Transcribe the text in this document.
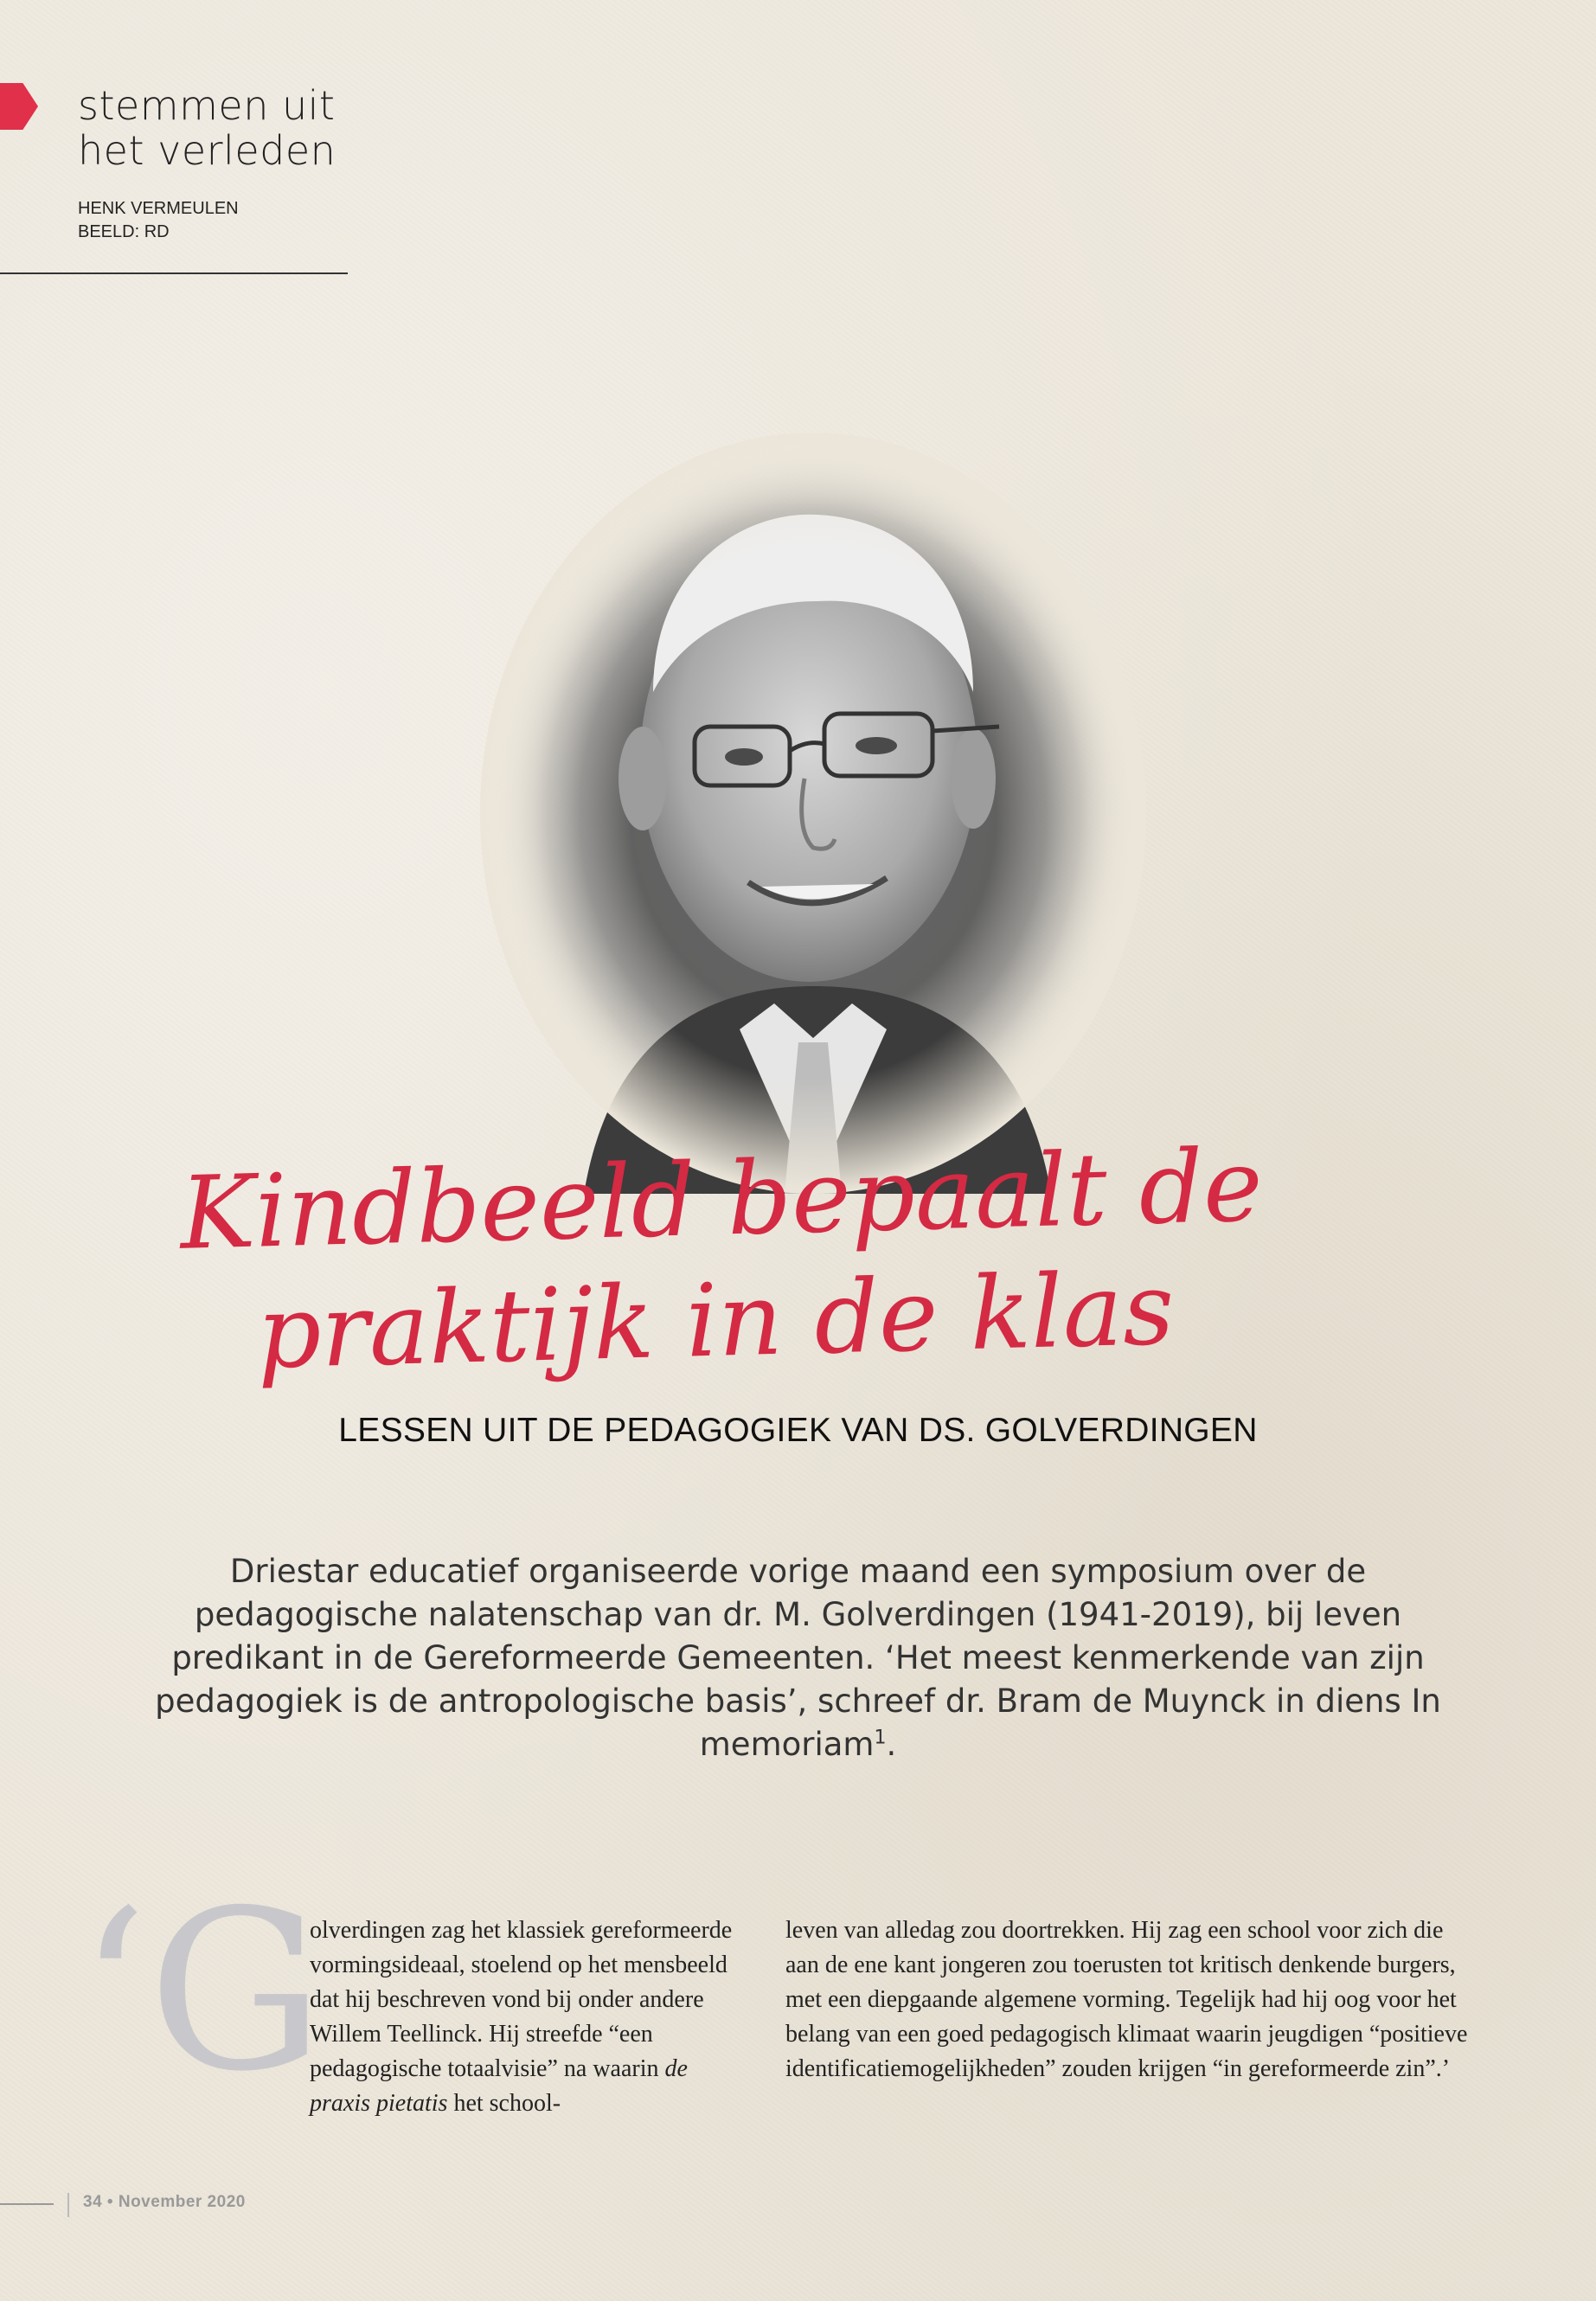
stemmen uit
het verleden
HENK VERMEULEN
BEELD: RD
Kindbeeld bepaalt de
praktijk in de klas
LESSEN UIT DE PEDAGOGIEK VAN DS. GOLVERDINGEN
Driestar educatief organiseerde vorige maand een symposium over de pedagogische nalatenschap van dr. M. Golverdingen (1941-2019), bij leven predikant in de Gereformeerde Gemeenten. ‘Het meest kenmerkende van zijn pedagogiek is de antropologische basis’, schreef dr. Bram de Muynck in diens In memoriam$^1$.
‘G

olverdingen zag het klassiek gereformeerde vormingsideaal, stoelend op het mensbeeld dat hij beschreven vond bij onder andere Willem Teellinck. Hij streefde “een pedagogische totaalvisie” na waarin de praxis pietatis het school-

leven van alledag zou doortrekken. Hij zag een school voor zich die aan de ene kant jongeren zou toerusten tot kritisch denkende burgers, met een diepgaande algemene vorming. Tegelijk had hij oog voor het belang van een goed pedagogisch klimaat waarin jeugdigen “positieve identificatiemogelijkheden” zouden krijgen “in gereformeerde zin”.’

34 • November 2020
